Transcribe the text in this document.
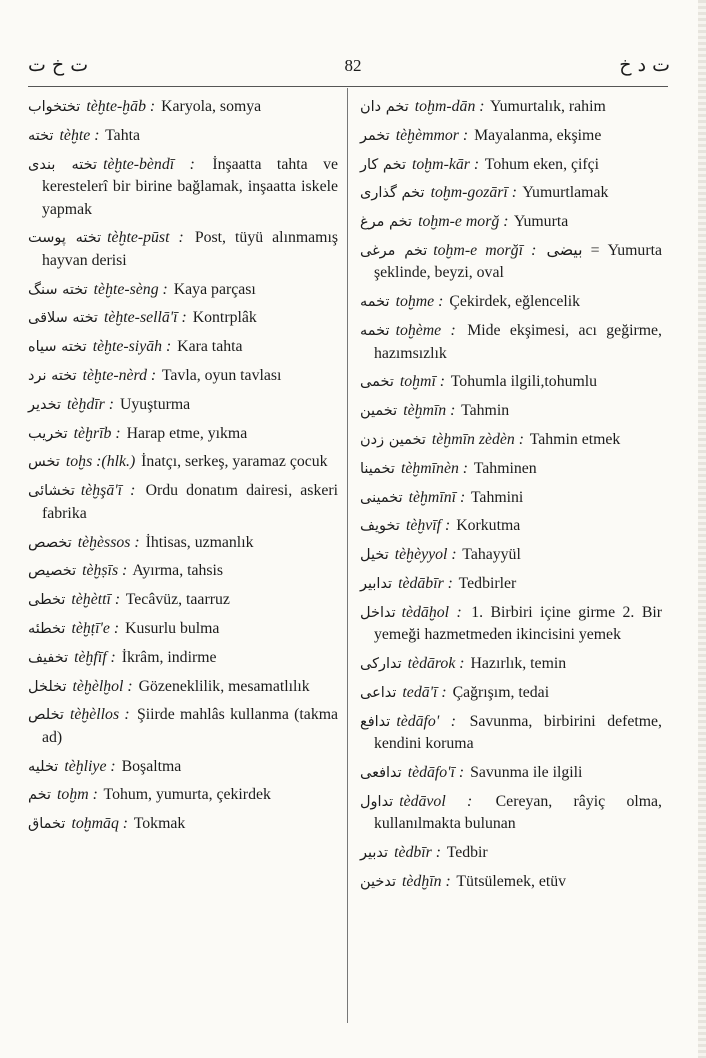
ت خ ت	82	ت د خ
تختخواب tèḫte-ḫāb : Karyola, somya
تخته tèḫte : Tahta
تخته بندى tèḫte-bèndī : İnşaatta tahta ve kerestelerî bir birine bağlamak, inşaatta iskele yapmak
تخته پوست tèḫte-pūst : Post, tüyü alınmamış hayvan derisi
تخته سنگ tèḫte-sèng : Kaya parçası
تخته سلاقى tèḫte-sellā'ī : Kontrplâk
تخته سياه tèḫte-siyāh : Kara tahta
تخته نرد tèḫte-nèrd : Tavla, oyun tavlası
تخدير tèḫdīr : Uyuşturma
تخريب tèḫrīb : Harap etme, yıkma
تخس toḫs :(hlk.) İnatçı, serkeş, yaramaz çocuk
تخشائى tèḫşā'ī : Ordu donatım dairesi, askeri fabrika
تخصص tèḫèssos : İhtisas, uzmanlık
تخصيص tèḫṣīs : Ayırma, tahsis
تخطى tèḫèttī : Tecâvüz, taarruz
تخطئه tèḫṭī'e : Kusurlu bulma
تخفيف tèḫfīf : İkrâm, indirme
تخلخل tèḫèlḫol : Gözeneklilik, mesamatlılık
تخلص tèḫèllos : Şiirde mahlâs kullanma (takma ad)
تخليه tèḫliye : Boşaltma
تخم toḫm : Tohum, yumurta, çekirdek
تخماق toḫmāq : Tokmak
تخم دان toḫm-dān : Yumurtalık, rahim
تخمر tèḫèmmor : Mayalanma, ekşime
تخم كار toḫm-kār : Tohum eken, çifçi
تخم گذارى toḫm-gozārī : Yumurtlamak
تخم مرغ toḫm-e morğ : Yumurta
تخم مرغى toḫm-e morğī : بيضى = Yumurta şeklinde, beyzi, oval
تخمه toḫme : Çekirdek, eğlencelik
تخمه toḫème : Mide ekşimesi, acı geğirme, hazımsızlık
تخمى toḫmī : Tohumla ilgili,tohumlu
تخمين tèḫmīn : Tahmin
تخمين زدن tèḫmīn zèdèn : Tahmin etmek
تخمينا tèḫmīnèn : Tahminen
تخمينى tèḫmīnī : Tahmini
تخويف tèḫvīf : Korkutma
تخيل tèḫèyyol : Tahayyül
تدابير tèdābīr : Tedbirler
تداخل tèdāḫol : 1. Birbiri içine girme 2. Bir yemeği hazmetmeden ikincisini yemek
تداركى tèdārok : Hazırlık, temin
تداعى tedā'ī : Çağrışım, tedai
تدافع tèdāfo' : Savunma, birbirini defetme, kendini koruma
تدافعى tèdāfo'ī : Savunma ile ilgili
تداول tèdāvol : Cereyan, râyiç olma, kullanılmakta bulunan
تدبير tèdbīr : Tedbir
تدخين tèdḫīn : Tütsülemek, etüv
